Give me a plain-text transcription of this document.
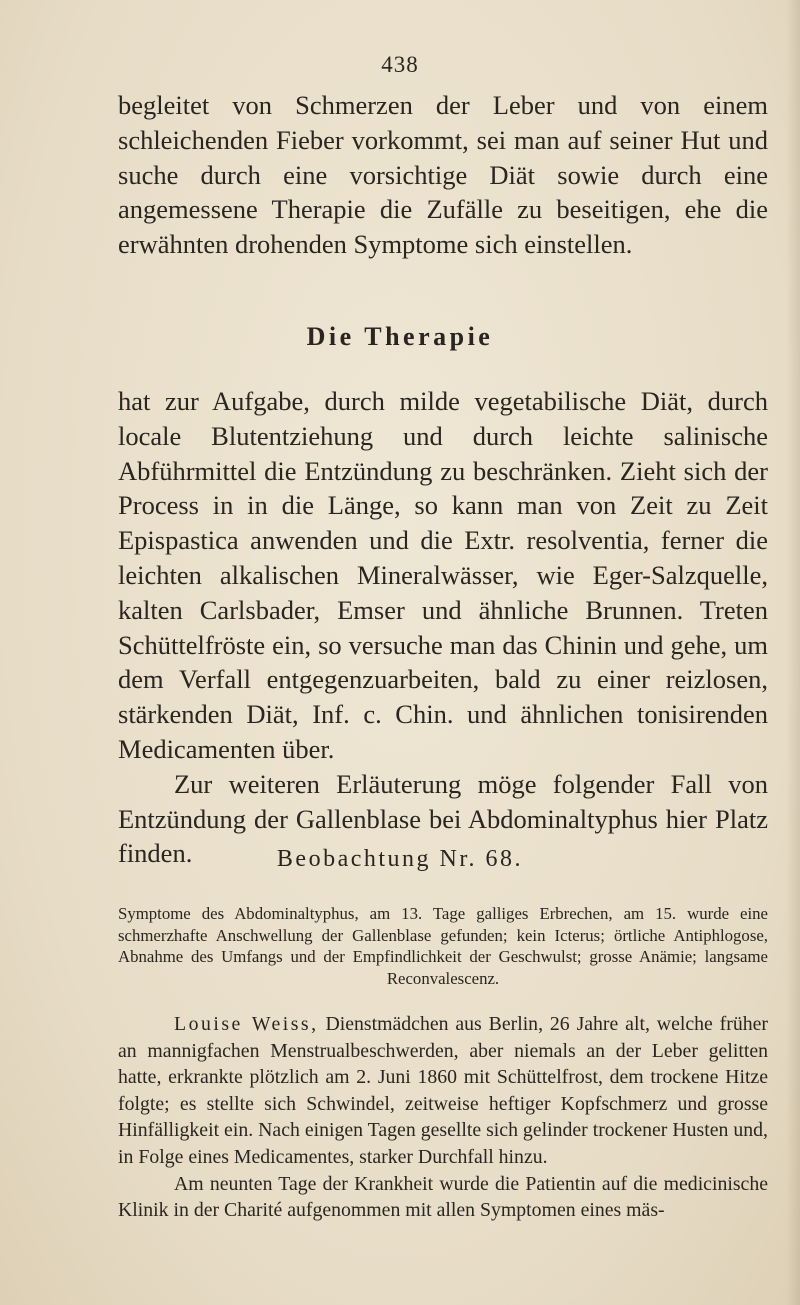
438

begleitet von Schmerzen der Leber und von einem schleichenden Fieber vorkommt, sei man auf seiner Hut und suche durch eine vorsichtige Diät sowie durch eine angemessene Therapie die Zufälle zu beseitigen, ehe die erwähnten drohenden Symptome sich einstellen.

Die Therapie

hat zur Aufgabe, durch milde vegetabilische Diät, durch locale Blutentziehung und durch leichte salinische Abführmittel die Entzündung zu beschränken. Zieht sich der Process in in die Länge, so kann man von Zeit zu Zeit Epispastica anwenden und die Extr. resolventia, ferner die leichten alkalischen Mineralwässer, wie Eger-Salzquelle, kalten Carlsbader, Emser und ähnliche Brunnen. Treten Schüttelfröste ein, so versuche man das Chinin und gehe, um dem Verfall entgegenzuarbeiten, bald zu einer reizlosen, stärkenden Diät, Inf. c. Chin. und ähnlichen tonisirenden Medicamenten über.

Zur weiteren Erläuterung möge folgender Fall von Entzündung der Gallenblase bei Abdominaltyphus hier Platz finden.	Beobachtung Nr. 68.
Symptome des Abdominaltyphus, am 13. Tage galliges Erbrechen, am 15. wurde eine schmerzhafte Anschwellung der Gallenblase gefunden; kein Icterus; örtliche Antiphlogose, Abnahme des Umfangs und der Empfindlichkeit der Geschwulst; grosse Anämie; langsame Reconvalescenz.

Louise Weiss, Dienstmädchen aus Berlin, 26 Jahre alt, welche früher an mannigfachen Menstrualbeschwerden, aber niemals an der Leber gelitten hatte, erkrankte plötzlich am 2. Juni 1860 mit Schüttelfrost, dem trockene Hitze folgte; es stellte sich Schwindel, zeitweise heftiger Kopfschmerz und grosse Hinfälligkeit ein. Nach einigen Tagen gesellte sich gelinder trockener Husten und, in Folge eines Medicamentes, starker Durchfall hinzu.

Am neunten Tage der Krankheit wurde die Patientin auf die medicinische Klinik in der Charité aufgenommen mit allen Symptomen eines mäs-
